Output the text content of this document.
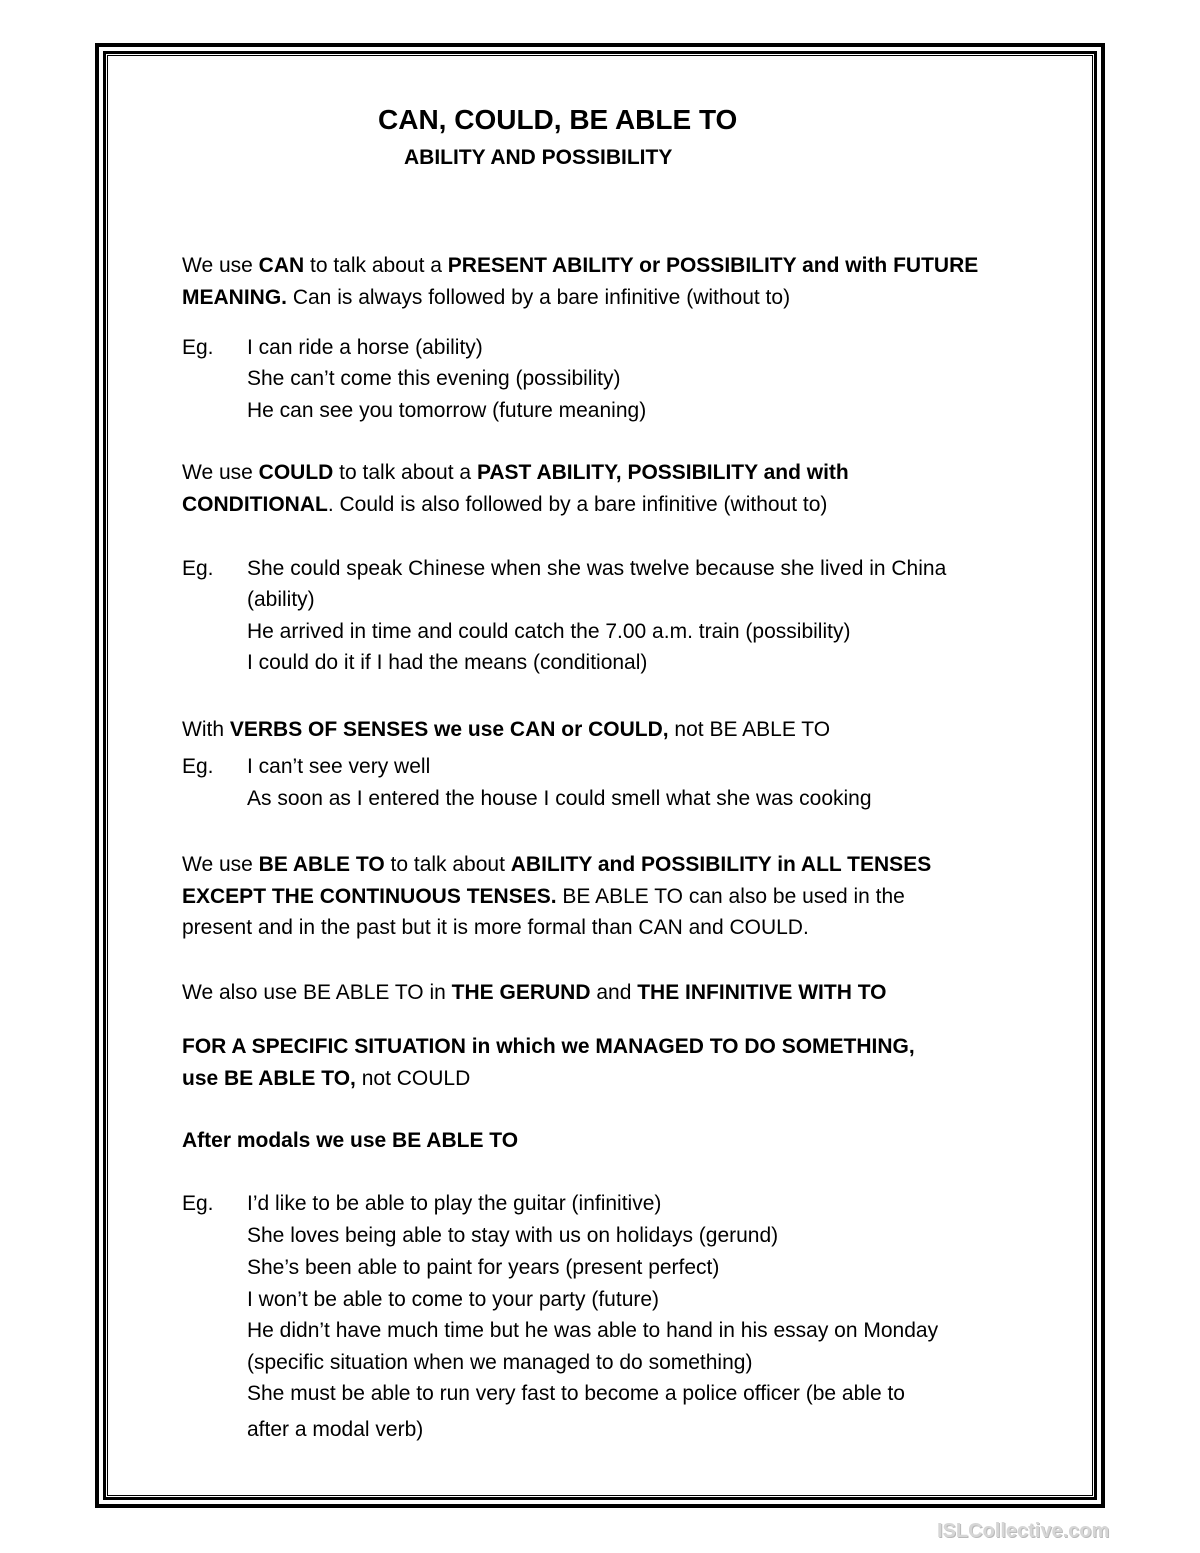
CAN, COULD, BE ABLE TO
ABILITY AND POSSIBILITY
We use CAN to talk about a PRESENT ABILITY or POSSIBILITY and with FUTURE
MEANING. Can is always followed by a bare infinitive (without to)
Eg. I can ride a horse (ability)
She can’t come this evening (possibility)
He can see you tomorrow (future meaning)
We use COULD to talk about a PAST ABILITY, POSSIBILITY and with
CONDITIONAL. Could is also followed by a bare infinitive (without to)
Eg. She could speak Chinese when she was twelve because she lived in China
(ability)
He arrived in time and could catch the 7.00 a.m. train (possibility)
I could do it if I had the means (conditional)
With VERBS OF SENSES we use CAN or COULD, not BE ABLE TO
Eg. I can’t see very well
As soon as I entered the house I could smell what she was cooking
We use BE ABLE TO to talk about ABILITY and POSSIBILITY in ALL TENSES
EXCEPT THE CONTINUOUS TENSES. BE ABLE TO can also be used in the
present and in the past but it is more formal than CAN and COULD.
We also use BE ABLE TO in THE GERUND and THE INFINITIVE WITH TO
FOR A SPECIFIC SITUATION in which we MANAGED TO DO SOMETHING,
use BE ABLE TO, not COULD
After modals we use BE ABLE TO
Eg. I’d like to be able to play the guitar (infinitive)
She loves being able to stay with us on holidays (gerund)
She’s been able to paint for years (present perfect)
I won’t be able to come to your party (future)
He didn’t have much time but he was able to hand in his essay on Monday
(specific situation when we managed to do something)
She must be able to run very fast to become a police officer (be able to
after a modal verb)
ISLCollective.com
